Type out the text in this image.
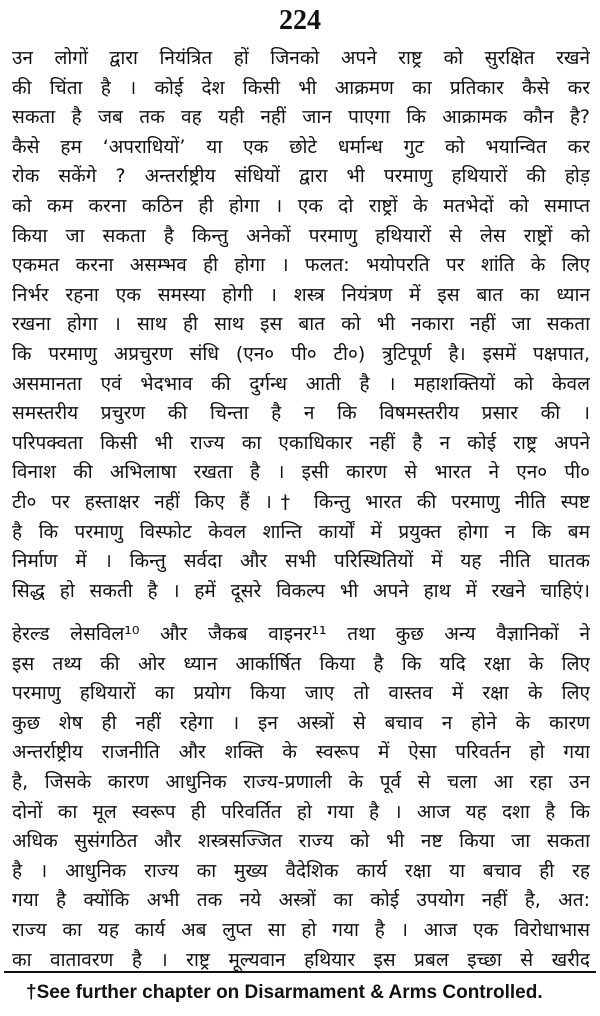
224
उन लोगों द्वारा नियंत्रित हों जिनको अपने राष्ट्र को सुरक्षित रखने
की चिंता है । कोई देश किसी भी आक्रमण का प्रतिकार कैसे कर
सकता है जब तक वह यही नहीं जान पाएगा कि आक्रामक कौन है?
कैसे हम ‘अपराधियों’ या एक छोटे धर्मान्ध गुट को भयान्वित कर
रोक सकेंगे ? अन्तर्राष्ट्रीय संधियों द्वारा भी परमाणु हथियारों की होड़
को कम करना कठिन ही होगा । एक दो राष्ट्रों के मतभेदों को समाप्त
किया जा सकता है किन्तु अनेकों परमाणु हथियारों से लेस राष्ट्रों को
एकमत करना असम्भव ही होगा । फलत: भयोपरति पर शांति के लिए
निर्भर रहना एक समस्या होगी । शस्त्र नियंत्रण में इस बात का ध्यान
रखना होगा । साथ ही साथ इस बात को भी नकारा नहीं जा सकता
कि परमाणु अप्रचुरण संधि (एन० पी० टी०) त्रुटिपूर्ण है। इसमें पक्षपात,
असमानता एवं भेदभाव की दुर्गन्ध आती है । महाशक्तियों को केवल
समस्तरीय प्रचुरण की चिन्ता है न कि विषमस्तरीय प्रसार की ।
परिपक्वता किसी भी राज्य का एकाधिकार नहीं है न कोई राष्ट्र अपने
विनाश की अभिलाषा रखता है । इसी कारण से भारत ने एन० पी०
टी० पर हस्ताक्षर नहीं किए हैं ।† किन्तु भारत की परमाणु नीति स्पष्ट
है कि परमाणु विस्फोट केवल शान्ति कार्यों में प्रयुक्त होगा न कि बम
निर्माण में । किन्तु सर्वदा और सभी परिस्थितियों में यह नीति घातक
सिद्ध हो सकती है । हमें दूसरे विकल्प भी अपने हाथ में रखने चाहिएं।
हेरल्ड लेसविल¹⁰ और जैकब वाइनर¹¹ तथा कुछ अन्य वैज्ञानिकों ने
इस तथ्य की ओर ध्यान आर्कार्षित किया है कि यदि रक्षा के लिए
परमाणु हथियारों का प्रयोग किया जाए तो वास्तव में रक्षा के लिए
कुछ शेष ही नहीं रहेगा । इन अस्त्रों से बचाव न होने के कारण
अन्तर्राष्ट्रीय राजनीति और शक्ति के स्वरूप में ऐसा परिवर्तन हो गया
है, जिसके कारण आधुनिक राज्य-प्रणाली के पूर्व से चला आ रहा उन
दोनों का मूल स्वरूप ही परिवर्तित हो गया है । आज यह दशा है कि
अधिक सुसंगठित और शस्त्रसज्जित राज्य को भी नष्ट किया जा सकता
है । आधुनिक राज्य का मुख्य वैदेशिक कार्य रक्षा या बचाव ही रह
गया है क्योंकि अभी तक नये अस्त्रों का कोई उपयोग नहीं है, अत:
राज्य का यह कार्य अब लुप्त सा हो गया है । आज एक विरोधाभास
का वातावरण है । राष्ट्र मूल्यवान हथियार इस प्रबल इच्छा से खरीद
†See further chapter on Disarmament & Arms Controlled.
